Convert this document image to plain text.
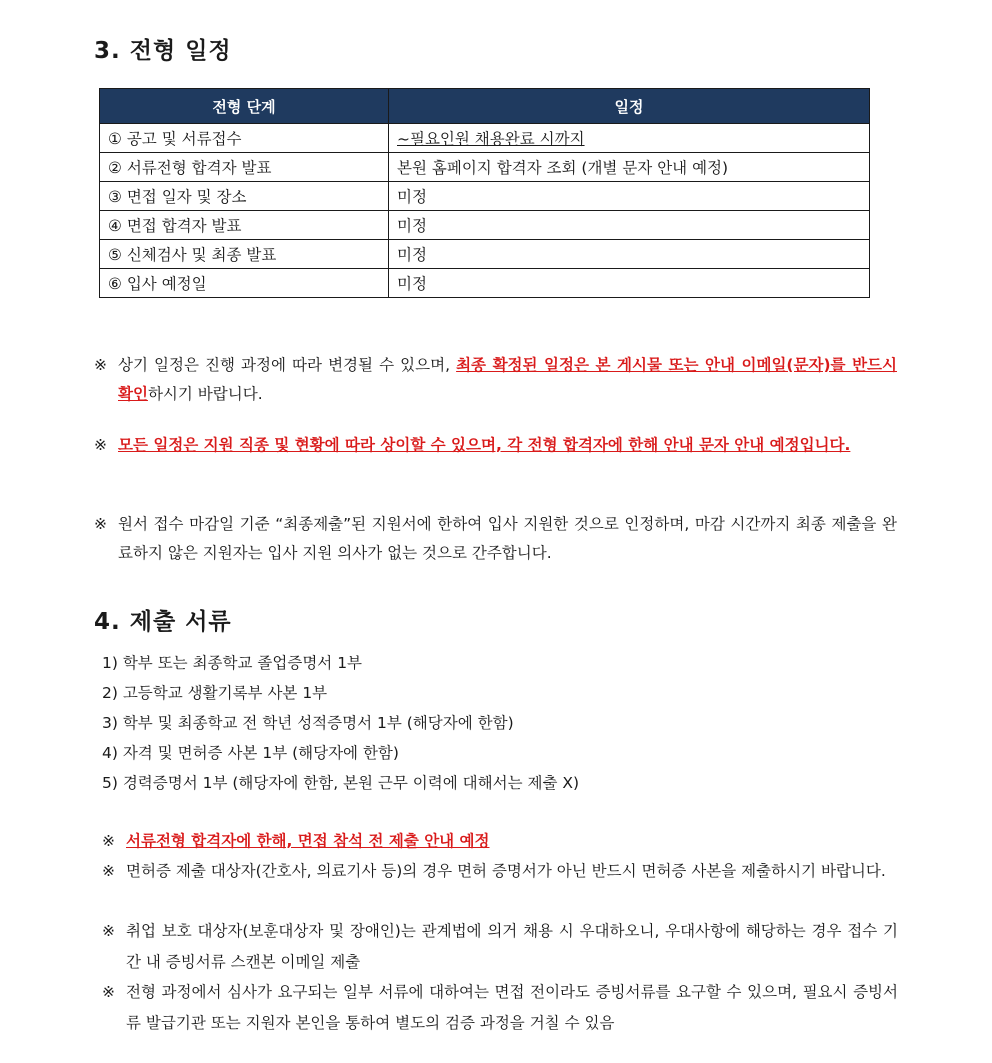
3. 전형 일정
전형 단계	일정
① 공고 및 서류접수	~필요인원 채용완료 시까지
② 서류전형 합격자 발표	본원 홈페이지 합격자 조회 (개별 문자 안내 예정)
③ 면접 일자 및 장소	미정
④ 면접 합격자 발표	미정
⑤ 신체검사 및 최종 발표	미정
⑥ 입사 예정일	미정
※ 상기 일정은 진행 과정에 따라 변경될 수 있으며, 최종 확정된 일정은 본 게시물 또는 안내 이메일(문자)를 반드시 확인하시기 바랍니다.
※ 모든 일정은 지원 직종 및 현황에 따라 상이할 수 있으며, 각 전형 합격자에 한해 안내 문자 안내 예정입니다.
※ 원서 접수 마감일 기준 “최종제출”된 지원서에 한하여 입사 지원한 것으로 인정하며, 마감 시간까지 최종 제출을 완료하지 않은 지원자는 입사 지원 의사가 없는 것으로 간주합니다.
4. 제출 서류
1) 학부 또는 최종학교 졸업증명서 1부
2) 고등학교 생활기록부 사본 1부
3) 학부 및 최종학교 전 학년 성적증명서 1부 (해당자에 한함)
4) 자격 및 면허증 사본 1부 (해당자에 한함)
5) 경력증명서 1부 (해당자에 한함, 본원 근무 이력에 대해서는 제출 X)
※ 서류전형 합격자에 한해, 면접 참석 전 제출 안내 예정
※ 면허증 제출 대상자(간호사, 의료기사 등)의 경우 면허 증명서가 아닌 반드시 면허증 사본을 제출하시기 바랍니다.
※ 취업 보호 대상자(보훈대상자 및 장애인)는 관계법에 의거 채용 시 우대하오니, 우대사항에 해당하는 경우 접수 기간 내 증빙서류 스캔본 이메일 제출
※ 전형 과정에서 심사가 요구되는 일부 서류에 대하여는 면접 전이라도 증빙서류를 요구할 수 있으며, 필요시 증빙서류 발급기관 또는 지원자 본인을 통하여 별도의 검증 과정을 거칠 수 있음
